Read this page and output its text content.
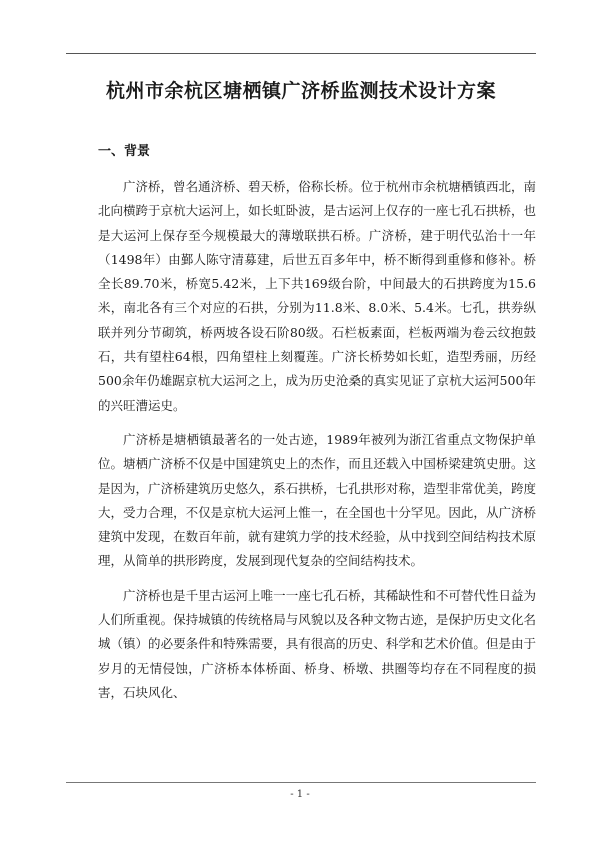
杭州市余杭区塘栖镇广济桥监测技术设计方案
一、背景

广济桥，曾名通济桥、碧天桥，俗称长桥。位于杭州市余杭塘栖镇西北，南北向横跨于京杭大运河上，如长虹卧波，是古运河上仅存的一座七孔石拱桥，也是大运河上保存至今规模最大的薄墩联拱石桥。广济桥，建于明代弘治十一年（1498年）由鄞人陈守清募建，后世五百多年中，桥不断得到重修和修补。桥全长89.70米，桥宽5.42米，上下共169级台阶，中间最大的石拱跨度为15.6米，南北各有三个对应的石拱，分别为11.8米、8.0米、5.4米。七孔，拱券纵联并列分节砌筑，桥两坡各设石阶80级。石栏板素面，栏板两端为卷云纹抱鼓石，共有望柱64根，四角望柱上刻覆莲。广济长桥势如长虹，造型秀丽，历经500余年仍雄踞京杭大运河之上，成为历史沧桑的真实见证了京杭大运河500年的兴旺漕运史。

广济桥是塘栖镇最著名的一处古迹，1989年被列为浙江省重点文物保护单位。塘栖广济桥不仅是中国建筑史上的杰作，而且还载入中国桥梁建筑史册。这是因为，广济桥建筑历史悠久，系石拱桥，七孔拱形对称，造型非常优美，跨度大，受力合理，不仅是京杭大运河上惟一，在全国也十分罕见。因此，从广济桥建筑中发现，在数百年前，就有建筑力学的技术经验，从中找到空间结构技术原理，从简单的拱形跨度，发展到现代复杂的空间结构技术。

广济桥也是千里古运河上唯一一座七孔石桥，其稀缺性和不可替代性日益为人们所重视。保持城镇的传统格局与风貌以及各种文物古迹，是保护历史文化名城（镇）的必要条件和特殊需要，具有很高的历史、科学和艺术价值。但是由于岁月的无情侵蚀，广济桥本体桥面、桥身、桥墩、拱圈等均存在不同程度的损害，石块风化、

- 1 -
